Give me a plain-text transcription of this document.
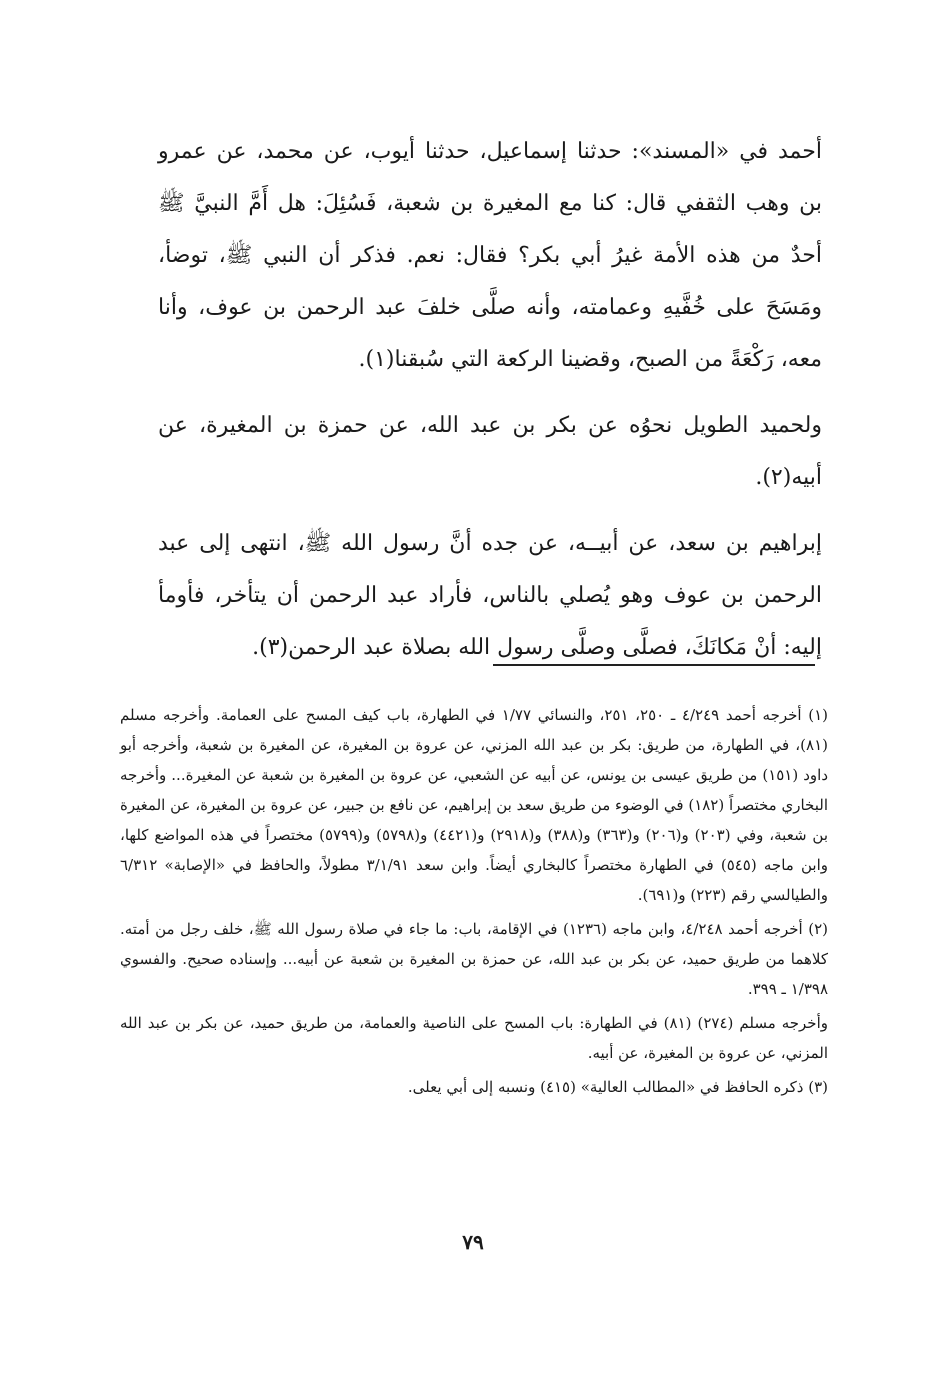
أحمد في «المسند»: حدثنا إسماعيل، حدثنا أيوب، عن محمد، عن عمرو بن وهب الثقفي قال: كنا مع المغيرة بن شعبة، فَسُئِلَ: هل أَمَّ النبيَّ ﷺ أحدٌ من هذه الأمة غيرُ أبي بكر؟ فقال: نعم. فذكر أن النبي ﷺ، توضأ، ومَسَحَ على خُفَّيهِ وعمامته، وأنه صلَّى خلفَ عبد الرحمن بن عوف، وأنا معه، رَكْعَةً من الصبح، وقضينا الركعة التي سُبقنا(١).

ولحميد الطويل نحوُه عن بكر بن عبد الله، عن حمزة بن المغيرة، عن أبيه(٢).

إبراهيم بن سعد، عن أبيــه، عن جده أنَّ رسول الله ﷺ، انتهى إلى عبد الرحمن بن عوف وهو يُصلي بالناس، فأراد عبد الرحمن أن يتأخر، فأومأ إليه: أنْ مَكانَكَ، فصلَّى وصلَّى رسول الله بصلاة عبد الرحمن(٣).

(١) أخرجه أحمد ٤/٢٤٩ ـ ٢٥٠، ٢٥١، والنسائي ١/٧٧ في الطهارة، باب كيف المسح على العمامة. وأخرجه مسلم (٨١)، في الطهارة، من طريق: بكر بن عبد الله المزني، عن عروة بن المغيرة، عن المغيرة بن شعبة، وأخرجه أبو داود (١٥١) من طريق عيسى بن يونس، عن أبيه عن الشعبي، عن عروة بن المغيرة بن شعبة عن المغيرة... وأخرجه البخاري مختصراً (١٨٢) في الوضوء من طريق سعد بن إبراهيم، عن نافع بن جبير، عن عروة بن المغيرة، عن المغيرة بن شعبة، وفي (٢٠٣) و(٢٠٦) و(٣٦٣) و(٣٨٨) و(٢٩١٨) و(٤٤٢١) و(٥٧٩٨) و(٥٧٩٩) مختصراً في هذه المواضع كلها، وابن ماجه (٥٤٥) في الطهارة مختصراً كالبخاري أيضاً. وابن سعد ٣/١/٩١ مطولاً، والحافظ في «الإصابة» ٦/٣١٢ والطيالسي رقم (٢٢٣) و(٦٩١).

(٢) أخرجه أحمد ٤/٢٤٨، وابن ماجه (١٢٣٦) في الإقامة، باب: ما جاء في صلاة رسول الله ﷺ، خلف رجل من أمته. كلاهما من طريق حميد، عن بكر بن عبد الله، عن حمزة بن المغيرة بن شعبة عن أبيه... وإسناده صحيح. والفسوي ١/٣٩٨ ـ ٣٩٩.

وأخرجه مسلم (٢٧٤) (٨١) في الطهارة: باب المسح على الناصية والعمامة، من طريق حميد، عن بكر بن عبد الله المزني، عن عروة بن المغيرة، عن أبيه.

(٣) ذكره الحافظ في «المطالب العالية» (٤١٥) ونسبه إلى أبي يعلى.

٧٩
